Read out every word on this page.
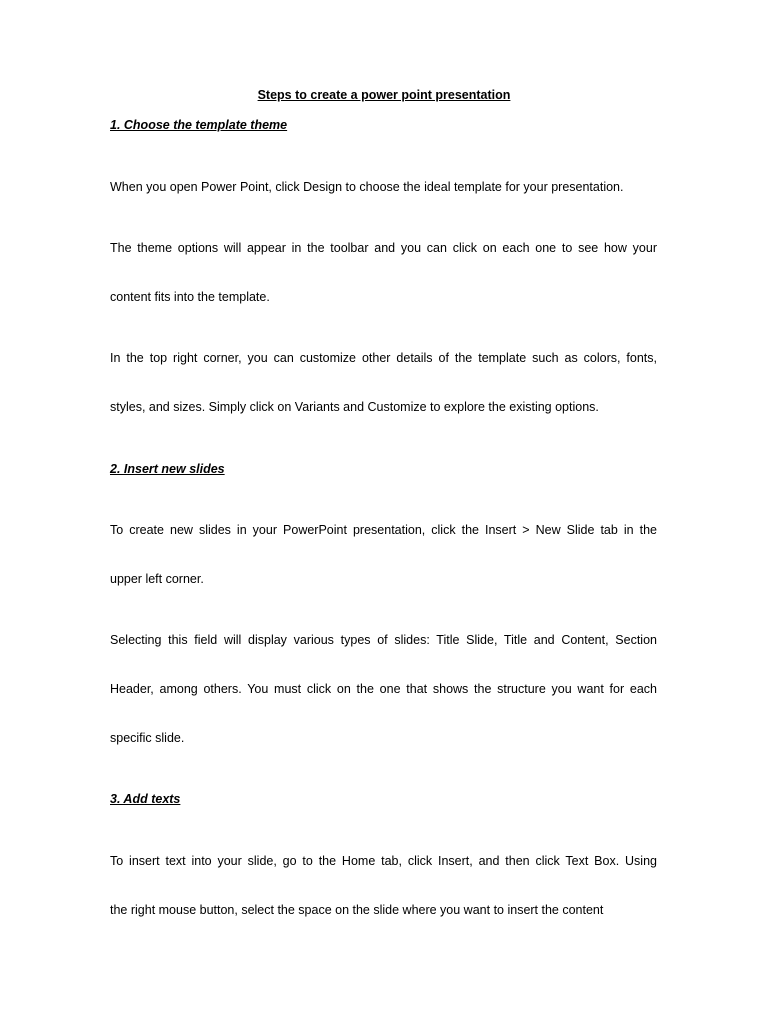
Steps to create a power point presentation

1. Choose the template theme

When you open Power Point, click Design to choose the ideal template for your presentation.

The theme options will appear in the toolbar and you can click on each one to see how your

content fits into the template.

In the top right corner, you can customize other details of the template such as colors, fonts,

styles, and sizes. Simply click on Variants and Customize to explore the existing options.

2. Insert new slides

To create new slides in your PowerPoint presentation, click the Insert > New Slide tab in the

upper left corner.

Selecting this field will display various types of slides: Title Slide, Title and Content, Section

Header, among others. You must click on the one that shows the structure you want for each

specific slide.

3. Add texts

To insert text into your slide, go to the Home tab, click Insert, and then click Text Box. Using

the right mouse button, select the space on the slide where you want to insert the content
